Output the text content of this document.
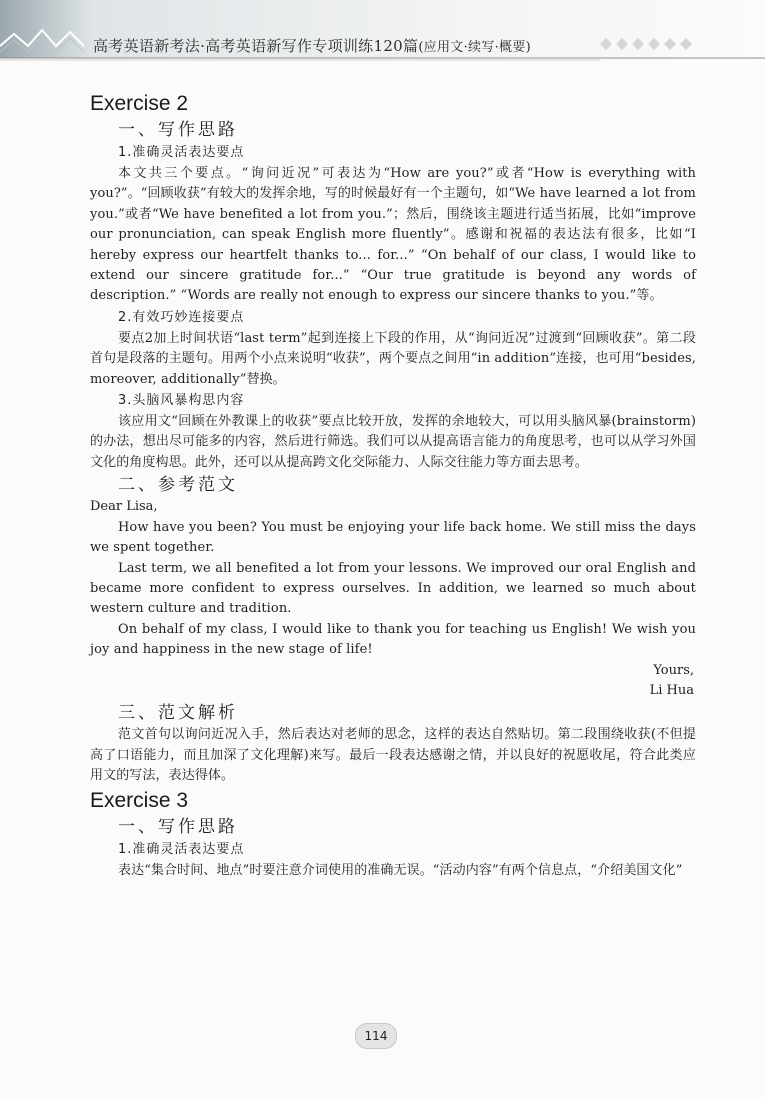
高考英语新考法·高考英语新写作专项训练120篇(应用文·续写·概要)
Exercise 2
一、写作思路
1.准确灵活表达要点

本文共三个要点。“询问近况”可表达为“How are you?”或者“How is everything with you?”。“回顾收获”有较大的发挥余地，写的时候最好有一个主题句，如“We have learned a lot from you.”或者“We have benefited a lot from you.”；然后，围绕该主题进行适当拓展，比如“improve our pronunciation, can speak English more fluently”。感谢和祝福的表达法有很多，比如“I hereby express our heartfelt thanks to... for...” “On behalf of our class, I would like to extend our sincere gratitude for...” “Our true gratitude is beyond any words of description.” “Words are really not enough to express our sincere thanks to you.”等。

2.有效巧妙连接要点

要点2加上时间状语“last term”起到连接上下段的作用，从“询问近况”过渡到“回顾收获”。第二段首句是段落的主题句。用两个小点来说明“收获”，两个要点之间用“in addition”连接，也可用“besides, moreover, additionally”替换。

3.头脑风暴构思内容

该应用文“回顾在外教课上的收获”要点比较开放，发挥的余地较大，可以用头脑风暴(brainstorm)的办法，想出尽可能多的内容，然后进行筛选。我们可以从提高语言能力的角度思考，也可以从学习外国文化的角度构思。此外，还可以从提高跨文化交际能力、人际交往能力等方面去思考。

二、参考范文

Dear Lisa,

How have you been? You must be enjoying your life back home. We still miss the days we spent together.

Last term, we all benefited a lot from your lessons. We improved our oral English and became more confident to express ourselves. In addition, we learned so much about western culture and tradition.

On behalf of my class, I would like to thank you for teaching us English! We wish you joy and happiness in the new stage of life!

Yours,

Li Hua

三、范文解析

范文首句以询问近况入手，然后表达对老师的思念，这样的表达自然贴切。第二段围绕收获(不但提高了口语能力，而且加深了文化理解)来写。最后一段表达感谢之情，并以良好的祝愿收尾，符合此类应用文的写法，表达得体。

Exercise 3
一、写作思路
1.准确灵活表达要点

表达“集合时间、地点”时要注意介词使用的准确无误。“活动内容”有两个信息点，“介绍美国文化”

114
